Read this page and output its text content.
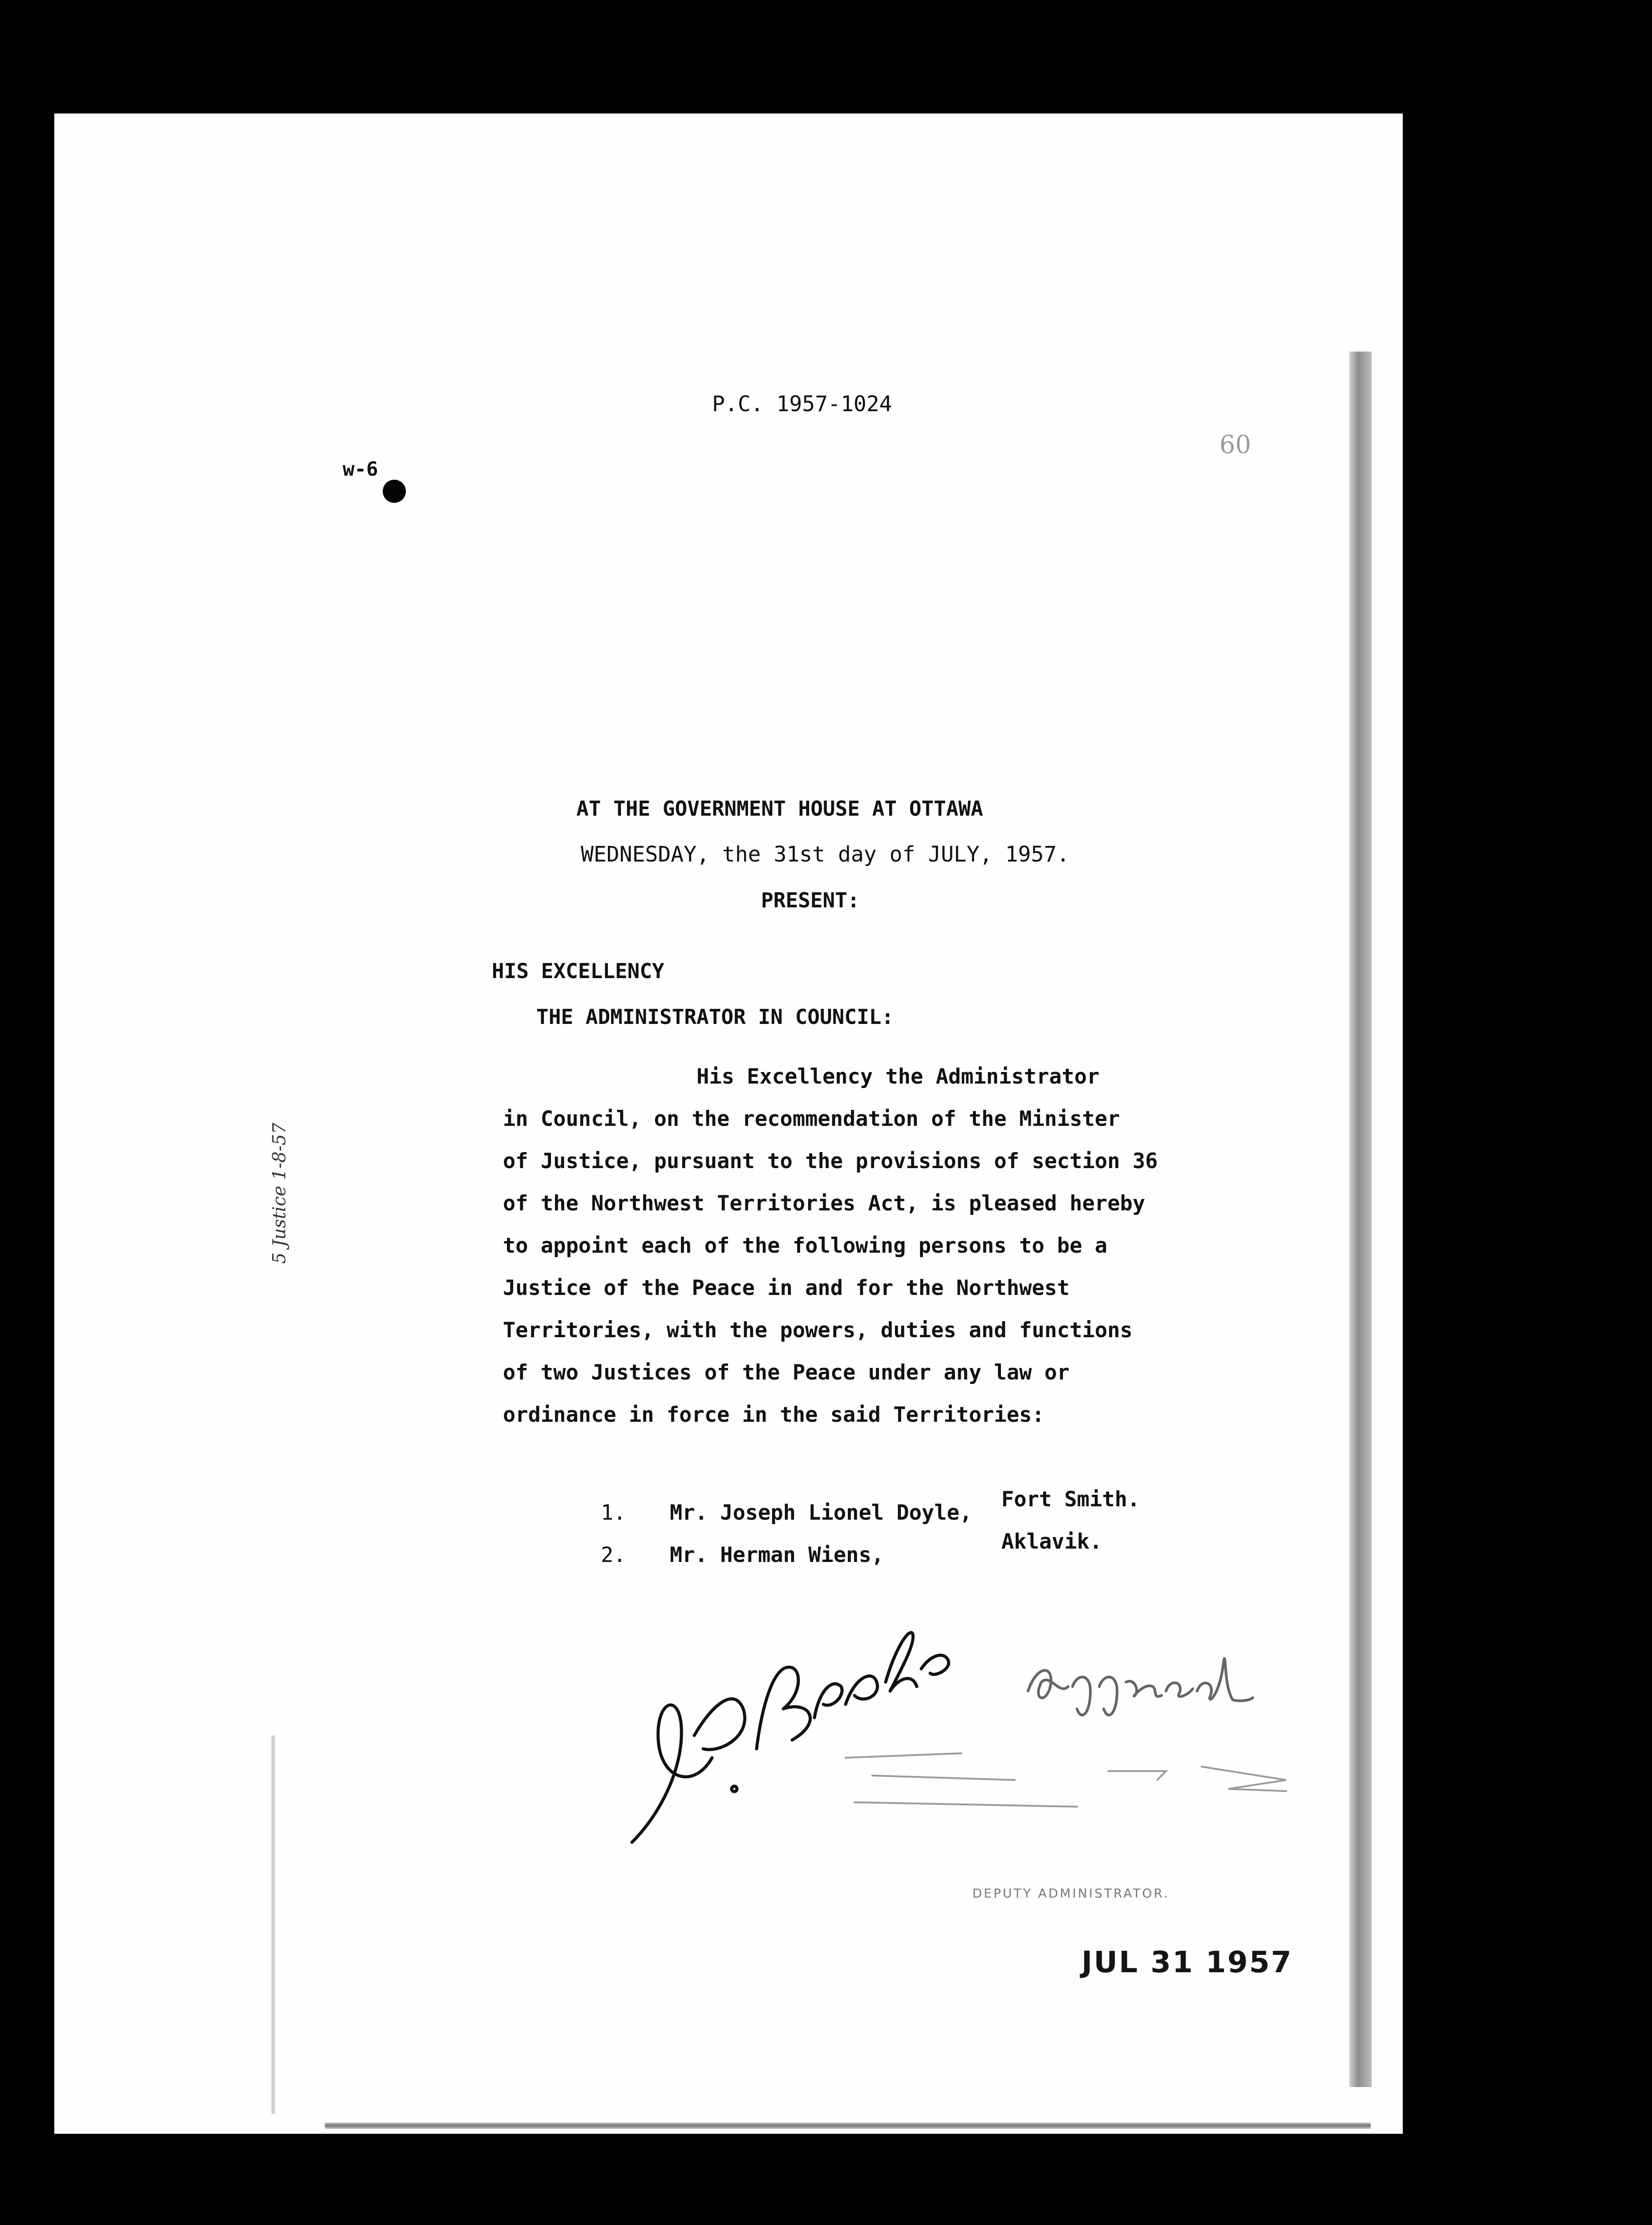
P.C. 1957-1024

w-6

60

AT THE GOVERNMENT HOUSE AT OTTAWA

WEDNESDAY, the 31st day of JULY, 1957.

PRESENT:

HIS EXCELLENCY

THE ADMINISTRATOR IN COUNCIL:

His Excellency the Administrator

in Council, on the recommendation of the Minister

of Justice, pursuant to the provisions of section 36

of the Northwest Territories Act, is pleased hereby

to appoint each of the following persons to be a

Justice of the Peace in and for the Northwest

Territories, with the powers, duties and functions

of two Justices of the Peace under any law or

ordinance in force in the said Territories:

1. Mr. Joseph Lionel Doyle,

Fort Smith.

2. Mr. Herman Wiens,

Aklavik.

5 Justice 1-8-57

DEPUTY ADMINISTRATOR.

JUL 31 1957
